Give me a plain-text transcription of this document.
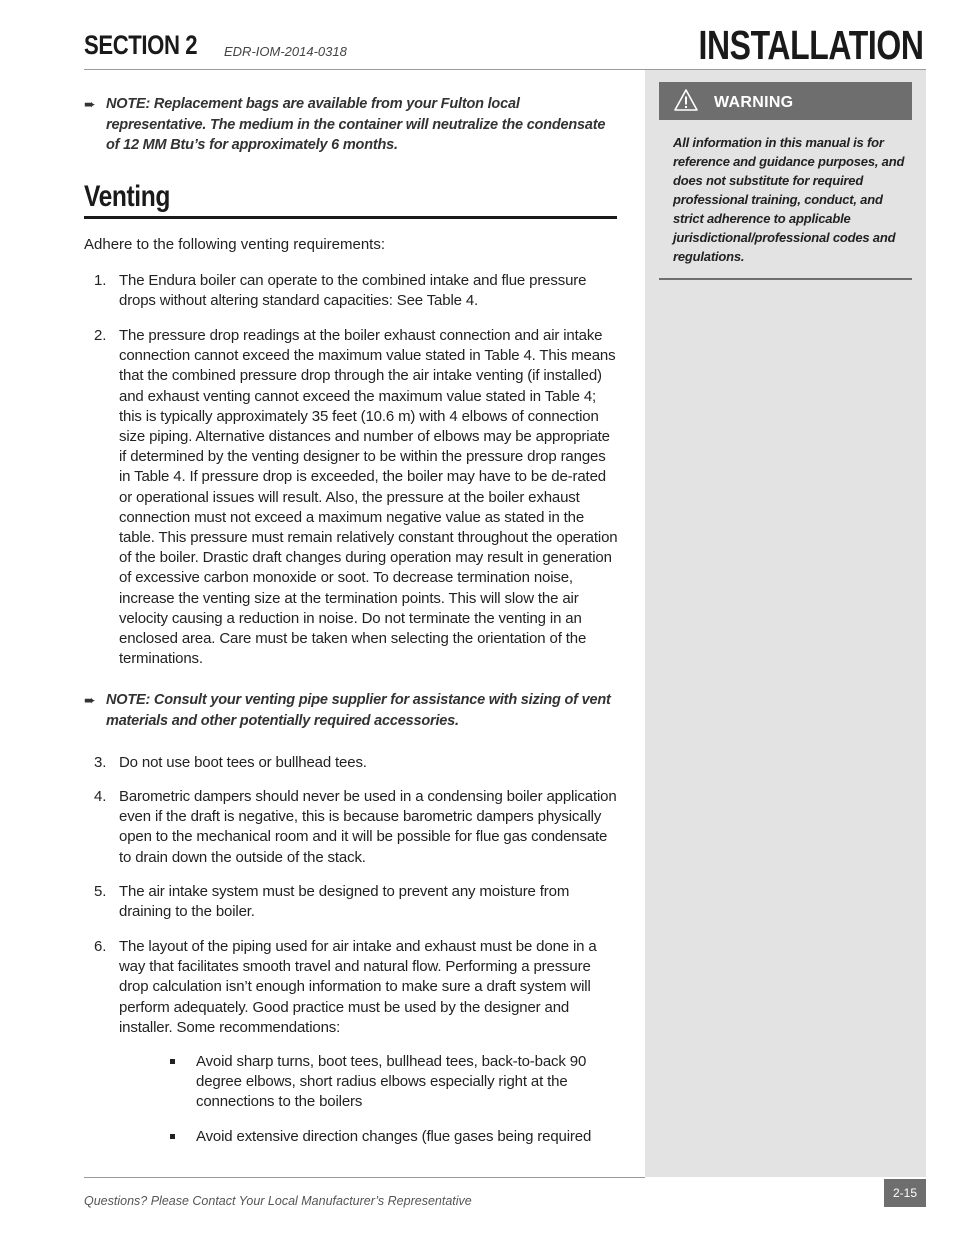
SECTION 2 EDR-IOM-2014-0318	INSTALLATION
WARNING
All information in this manual is for reference and guidance purposes, and does not substitute for required professional training, conduct, and strict adherence to applicable jurisdictional/professional codes and regulations.
➨ NOTE: Replacement bags are available from your Fulton local representative. The medium in the container will neutralize the condensate of 12 MM Btu’s for approximately 6 months.
Venting
Adhere to the following venting requirements:
1. The Endura boiler can operate to the combined intake and flue pressure drops without altering standard capacities: See Table 4.
2. The pressure drop readings at the boiler exhaust connection and air intake connection cannot exceed the maximum value stated in Table 4. This means that the combined pressure drop through the air intake venting (if installed) and exhaust venting cannot exceed the maximum value stated in Table 4; this is typically approximately 35 feet (10.6 m) with 4 elbows of connection size piping. Alternative distances and number of elbows may be appropriate if determined by the venting designer to be within the pressure drop ranges in Table 4. If pressure drop is exceeded, the boiler may have to be de-rated or operational issues will result. Also, the pressure at the boiler exhaust connection must not exceed a maximum negative value as stated in the table. This pressure must remain relatively constant throughout the operation of the boiler. Drastic draft changes during operation may result in generation of excessive carbon monoxide or soot. To decrease termination noise, increase the venting size at the termination points. This will slow the air velocity causing a reduction in noise. Do not terminate the venting in an enclosed area. Care must be taken when selecting the orientation of the terminations.
➨ NOTE: Consult your venting pipe supplier for assistance with sizing of vent materials and other potentially required accessories.
3. Do not use boot tees or bullhead tees.
4. Barometric dampers should never be used in a condensing boiler application even if the draft is negative, this is because barometric dampers physically open to the mechanical room and it will be possible for flue gas condensate to drain down the outside of the stack.
5. The air intake system must be designed to prevent any moisture from draining to the boiler.
6. The layout of the piping used for air intake and exhaust must be done in a way that facilitates smooth travel and natural flow. Performing a pressure drop calculation isn’t enough information to make sure a draft system will perform adequately. Good practice must be used by the designer and installer. Some recommendations:
Avoid sharp turns, boot tees, bullhead tees, back-to-back 90 degree elbows, short radius elbows especially right at the connections to the boilers
Avoid extensive direction changes (flue gases being required
Questions? Please Contact Your Local Manufacturer’s Representative
2-15
